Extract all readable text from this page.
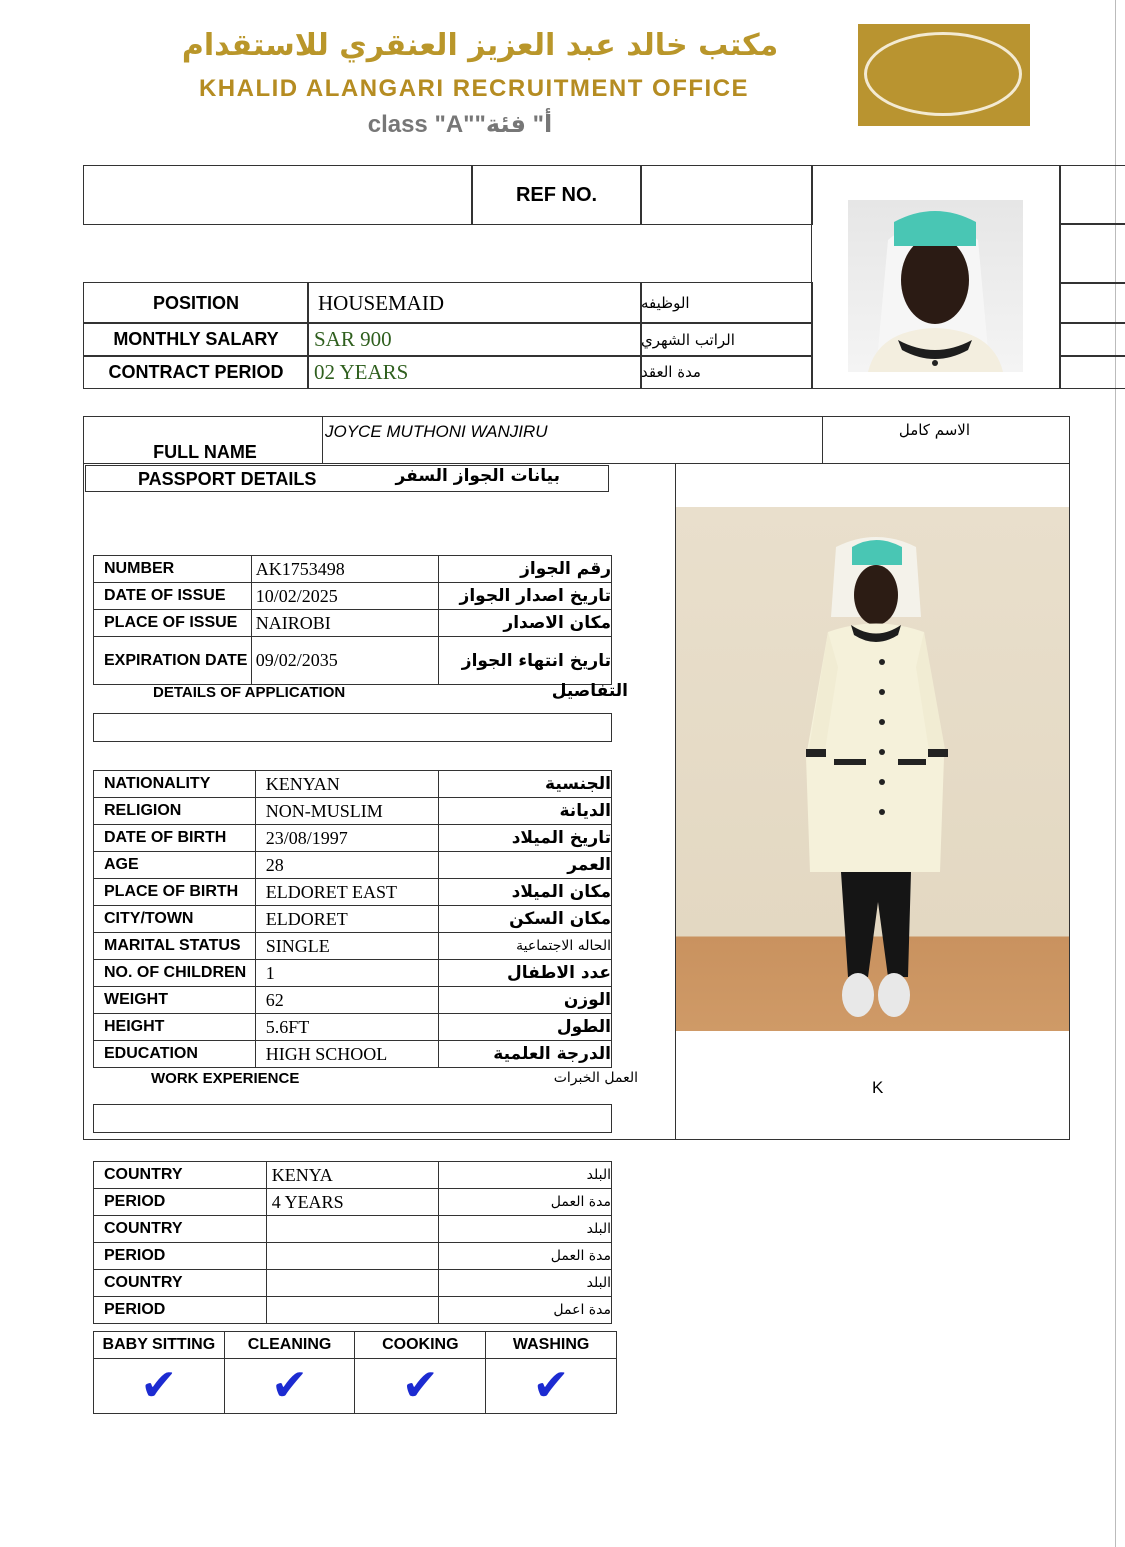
مكتب خالد عبد العزيز العنقري للاستقدام
KHALID ALANGARI RECRUITMENT OFFICE
class "A""أ" فئة
REF NO.
POSITION	HOUSEMAID	الوظيفه
MONTHLY SALARY	SAR 900	الراتب الشهري
CONTRACT PERIOD	02 YEARS	مدة العقد
FULL NAME
JOYCE MUTHONI WANJIRU	الاسم كامل
PASSPORT DETAILS	بيانات الجواز السفر
K
NUMBER	AK1753498	رقم الجواز
DATE OF ISSUE	10/02/2025	تاريخ اصدار الجواز
PLACE OF ISSUE	NAIROBI	مكان الاصدار
EXPIRATION DATE	09/02/2035	تاريخ انتهاء الجواز
DETAILS OF APPLICATION	التفاصيل
NATIONALITY	KENYAN	الجنسية
RELIGION	NON-MUSLIM	الديانة
DATE OF BIRTH	23/08/1997	تاريخ الميلاد
AGE	28	العمر
PLACE OF BIRTH	ELDORET EAST	مكان الميلاد
CITY/TOWN	ELDORET	مكان السكن
MARITAL STATUS	SINGLE	الحاله الاجتماعية
NO. OF CHILDREN	1	عدد الاطفال
WEIGHT	62	الوزن
HEIGHT	5.6FT	الطول
EDUCATION	HIGH SCHOOL	الدرجة العلمية
WORK EXPERIENCE	العمل الخبرات
COUNTRY	KENYA	البلد
PERIOD	4 YEARS	مدة العمل
COUNTRY		البلد
PERIOD		مدة العمل
COUNTRY		البلد
PERIOD		مدة اعمل
BABY SITTING	CLEANING	COOKING	WASHING
✔	✔	✔	✔
